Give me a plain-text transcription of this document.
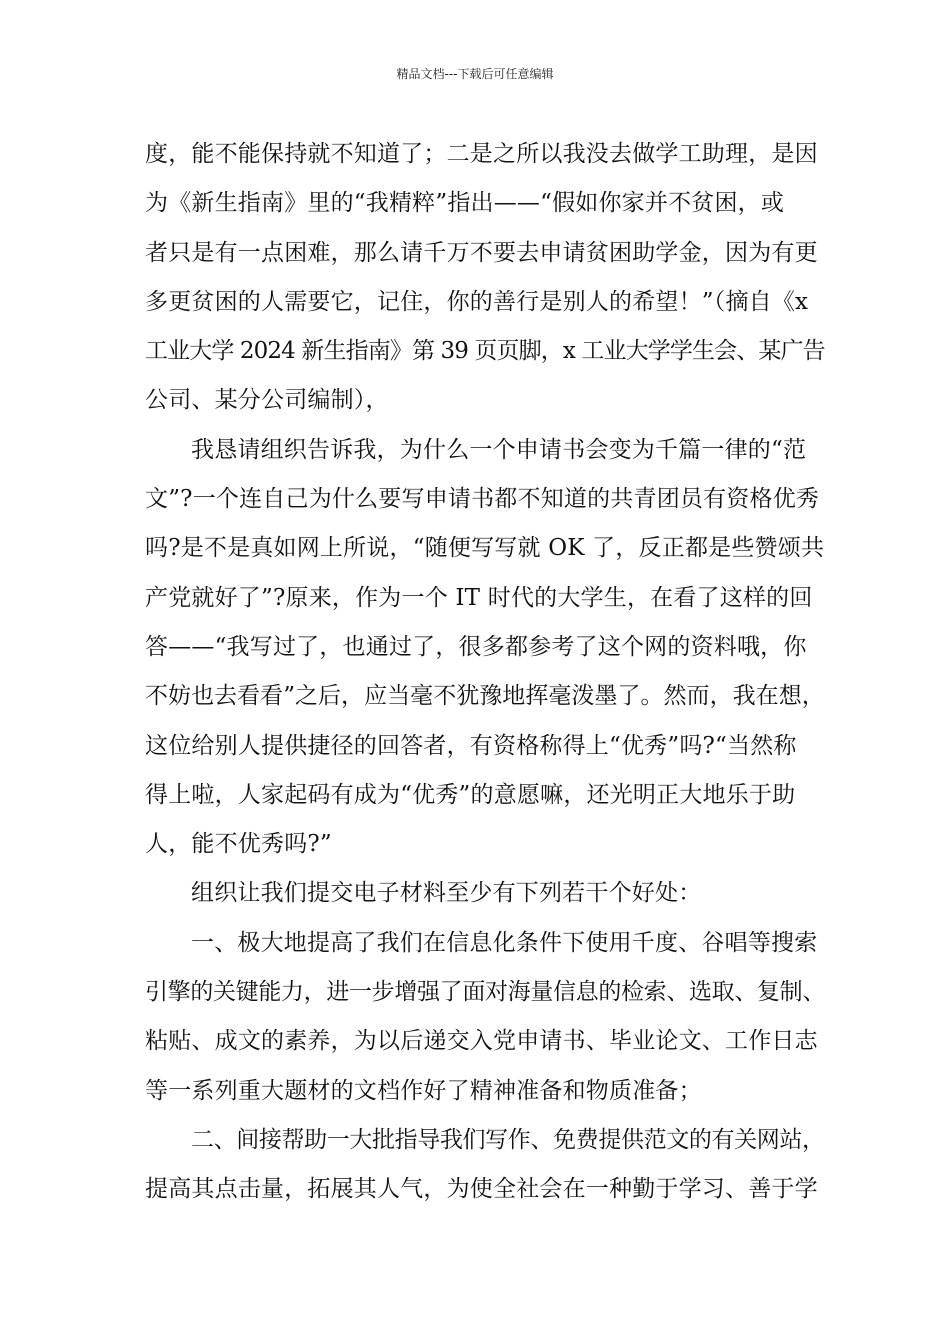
精品文档---下载后可任意编辑
度，能不能保持就不知道了；二是之所以我没去做学工助理，是因
为《新生指南》里的“我精粹”指出——“假如你家并不贫困，或
者只是有一点困难，那么请千万不要去申请贫困助学金，因为有更
多更贫困的人需要它，记住，你的善行是别人的希望！”（摘自《x
工业大学 2024 新生指南》第 39 页页脚，x 工业大学学生会、某广告
公司、某分公司编制），
我恳请组织告诉我，为什么一个申请书会变为千篇一律的“范
文”?一个连自己为什么要写申请书都不知道的共青团员有资格优秀
吗?是不是真如网上所说，“随便写写就 OK 了，反正都是些赞颂共
产党就好了”?原来，作为一个 IT 时代的大学生，在看了这样的回
答——“我写过了，也通过了，很多都参考了这个网的资料哦，你
不妨也去看看”之后，应当毫不犹豫地挥毫泼墨了。然而，我在想，
这位给别人提供捷径的回答者，有资格称得上“优秀”吗?“当然称
得上啦，人家起码有成为“优秀”的意愿嘛，还光明正大地乐于助
人，能不优秀吗?”
组织让我们提交电子材料至少有下列若干个好处：
一、极大地提高了我们在信息化条件下使用千度、谷唱等搜索
引擎的关键能力，进一步增强了面对海量信息的检索、选取、复制、
粘贴、成文的素养，为以后递交入党申请书、毕业论文、工作日志
等一系列重大题材的文档作好了精神准备和物质准备；
二、间接帮助一大批指导我们写作、免费提供范文的有关网站，
提高其点击量，拓展其人气，为使全社会在一种勤于学习、善于学
